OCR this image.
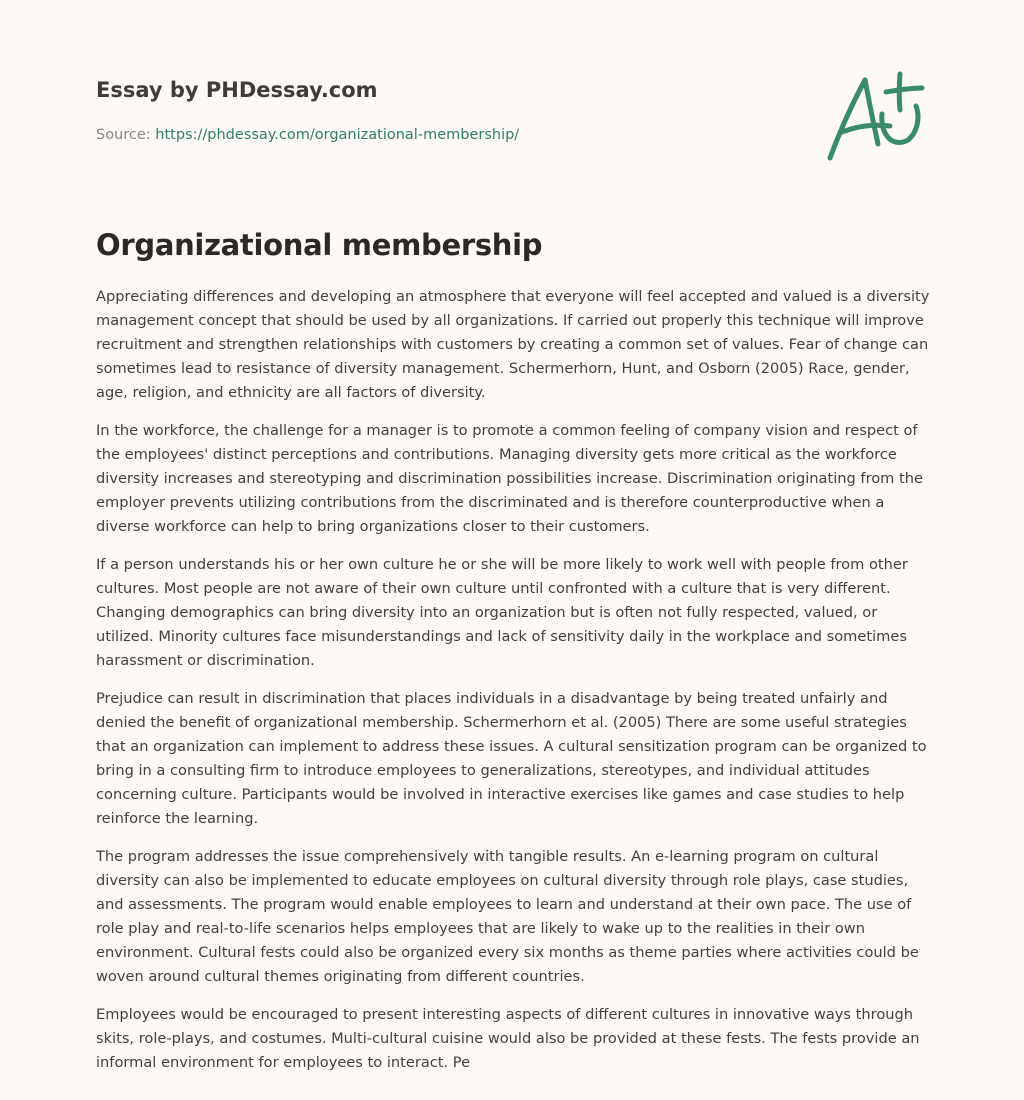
Essay by PHDessay.com
Source: https://phdessay.com/organizational-membership/
Organizational membership

Appreciating differences and developing an atmosphere that everyone will feel accepted and valued is a diversity management concept that should be used by all organizations. If carried out properly this technique will improve recruitment and strengthen relationships with customers by creating a common set of values. Fear of change can sometimes lead to resistance of diversity management. Schermerhorn, Hunt, and Osborn (2005) Race, gender, age, religion, and ethnicity are all factors of diversity.

In the workforce, the challenge for a manager is to promote a common feeling of company vision and respect of the employees' distinct perceptions and contributions. Managing diversity gets more critical as the workforce diversity increases and stereotyping and discrimination possibilities increase. Discrimination originating from the employer prevents utilizing contributions from the discriminated and is therefore counterproductive when a diverse workforce can help to bring organizations closer to their customers.

If a person understands his or her own culture he or she will be more likely to work well with people from other cultures. Most people are not aware of their own culture until confronted with a culture that is very different. Changing demographics can bring diversity into an organization but is often not fully respected, valued, or utilized. Minority cultures face misunderstandings and lack of sensitivity daily in the workplace and sometimes harassment or discrimination.

Prejudice can result in discrimination that places individuals in a disadvantage by being treated unfairly and denied the benefit of organizational membership. Schermerhorn et al. (2005) There are some useful strategies that an organization can implement to address these issues. A cultural sensitization program can be organized to bring in a consulting firm to introduce employees to generalizations, stereotypes, and individual attitudes concerning culture. Participants would be involved in interactive exercises like games and case studies to help reinforce the learning.

The program addresses the issue comprehensively with tangible results. An e-learning program on cultural diversity can also be implemented to educate employees on cultural diversity through role plays, case studies, and assessments. The program would enable employees to learn and understand at their own pace. The use of role play and real-to-life scenarios helps employees that are likely to wake up to the realities in their own environment. Cultural fests could also be organized every six months as theme parties where activities could be woven around cultural themes originating from different countries.

Employees would be encouraged to present interesting aspects of different cultures in innovative ways through skits, role-plays, and costumes. Multi-cultural cuisine would also be provided at these fests. The fests provide an informal environment for employees to interact. Pe
